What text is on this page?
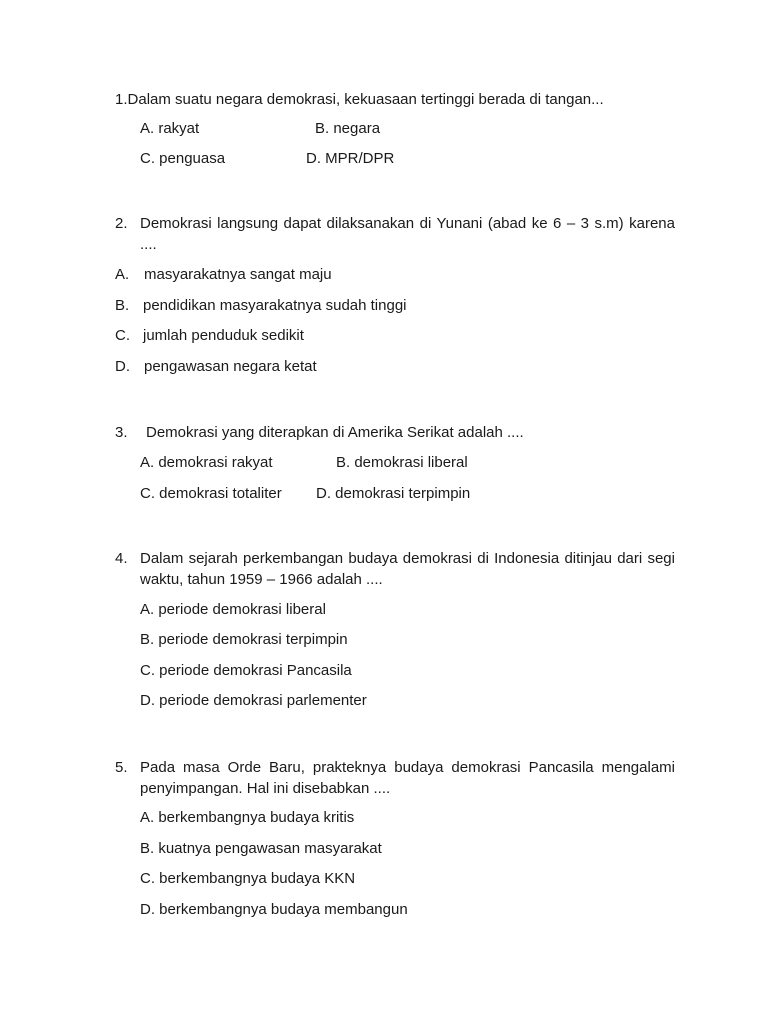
1.Dalam suatu negara demokrasi, kekuasaan tertinggi berada di tangan...
A. rakyat	B. negara
C. penguasa	D. MPR/DPR
2. Demokrasi langsung dapat dilaksanakan di Yunani (abad ke 6 – 3 s.m) karena ....
A. masyarakatnya sangat maju
B. pendidikan masyarakatnya sudah tinggi
C. jumlah penduduk sedikit
D. pengawasan negara ketat
3. Demokrasi yang diterapkan di Amerika Serikat adalah ....
A. demokrasi rakyat	B. demokrasi liberal
C. demokrasi totaliter D. demokrasi terpimpin
4. Dalam sejarah perkembangan budaya demokrasi di Indonesia ditinjau dari segi waktu, tahun 1959 – 1966 adalah ....
A. periode demokrasi liberal
B. periode demokrasi terpimpin
C. periode demokrasi Pancasila
D. periode demokrasi parlementer
5. Pada masa Orde Baru, prakteknya budaya demokrasi Pancasila mengalami penyimpangan. Hal ini disebabkan ....
A. berkembangnya budaya kritis
B. kuatnya pengawasan masyarakat
C. berkembangnya budaya KKN
D. berkembangnya budaya membangun
